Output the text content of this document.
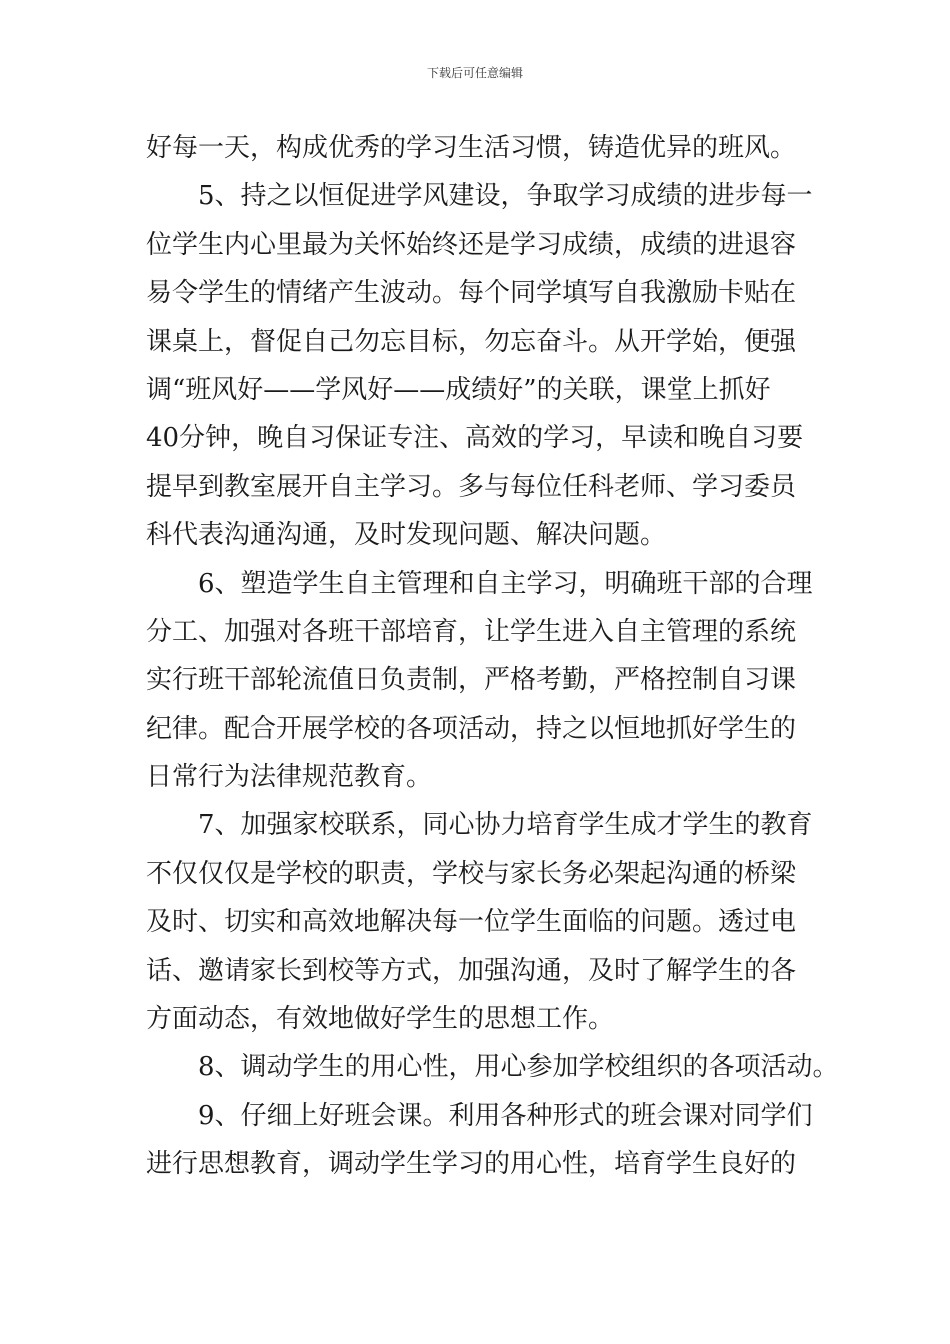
下载后可任意编辑
好每一天，构成优秀的学习生活习惯，铸造优异的班风。
5、持之以恒促进学风建设，争取学习成绩的进步每一
位学生内心里最为关怀始终还是学习成绩，成绩的进退容
易令学生的情绪产生波动。每个同学填写自我激励卡贴在
课桌上，督促自己勿忘目标，勿忘奋斗。从开学始，便强
调“班风好——学风好——成绩好”的关联，课堂上抓好
40分钟，晚自习保证专注、高效的学习，早读和晚自习要
提早到教室展开自主学习。多与每位任科老师、学习委员
科代表沟通沟通，及时发现问题、解决问题。
6、塑造学生自主管理和自主学习，明确班干部的合理
分工、加强对各班干部培育，让学生进入自主管理的系统
实行班干部轮流值日负责制，严格考勤，严格控制自习课
纪律。配合开展学校的各项活动，持之以恒地抓好学生的
日常行为法律规范教育。
7、加强家校联系，同心协力培育学生成才学生的教育
不仅仅仅是学校的职责，学校与家长务必架起沟通的桥梁
及时、切实和高效地解决每一位学生面临的问题。透过电
话、邀请家长到校等方式，加强沟通，及时了解学生的各
方面动态，有效地做好学生的思想工作。
8、调动学生的用心性，用心参加学校组织的各项活动。
9、仔细上好班会课。利用各种形式的班会课对同学们
进行思想教育，调动学生学习的用心性，培育学生良好的
